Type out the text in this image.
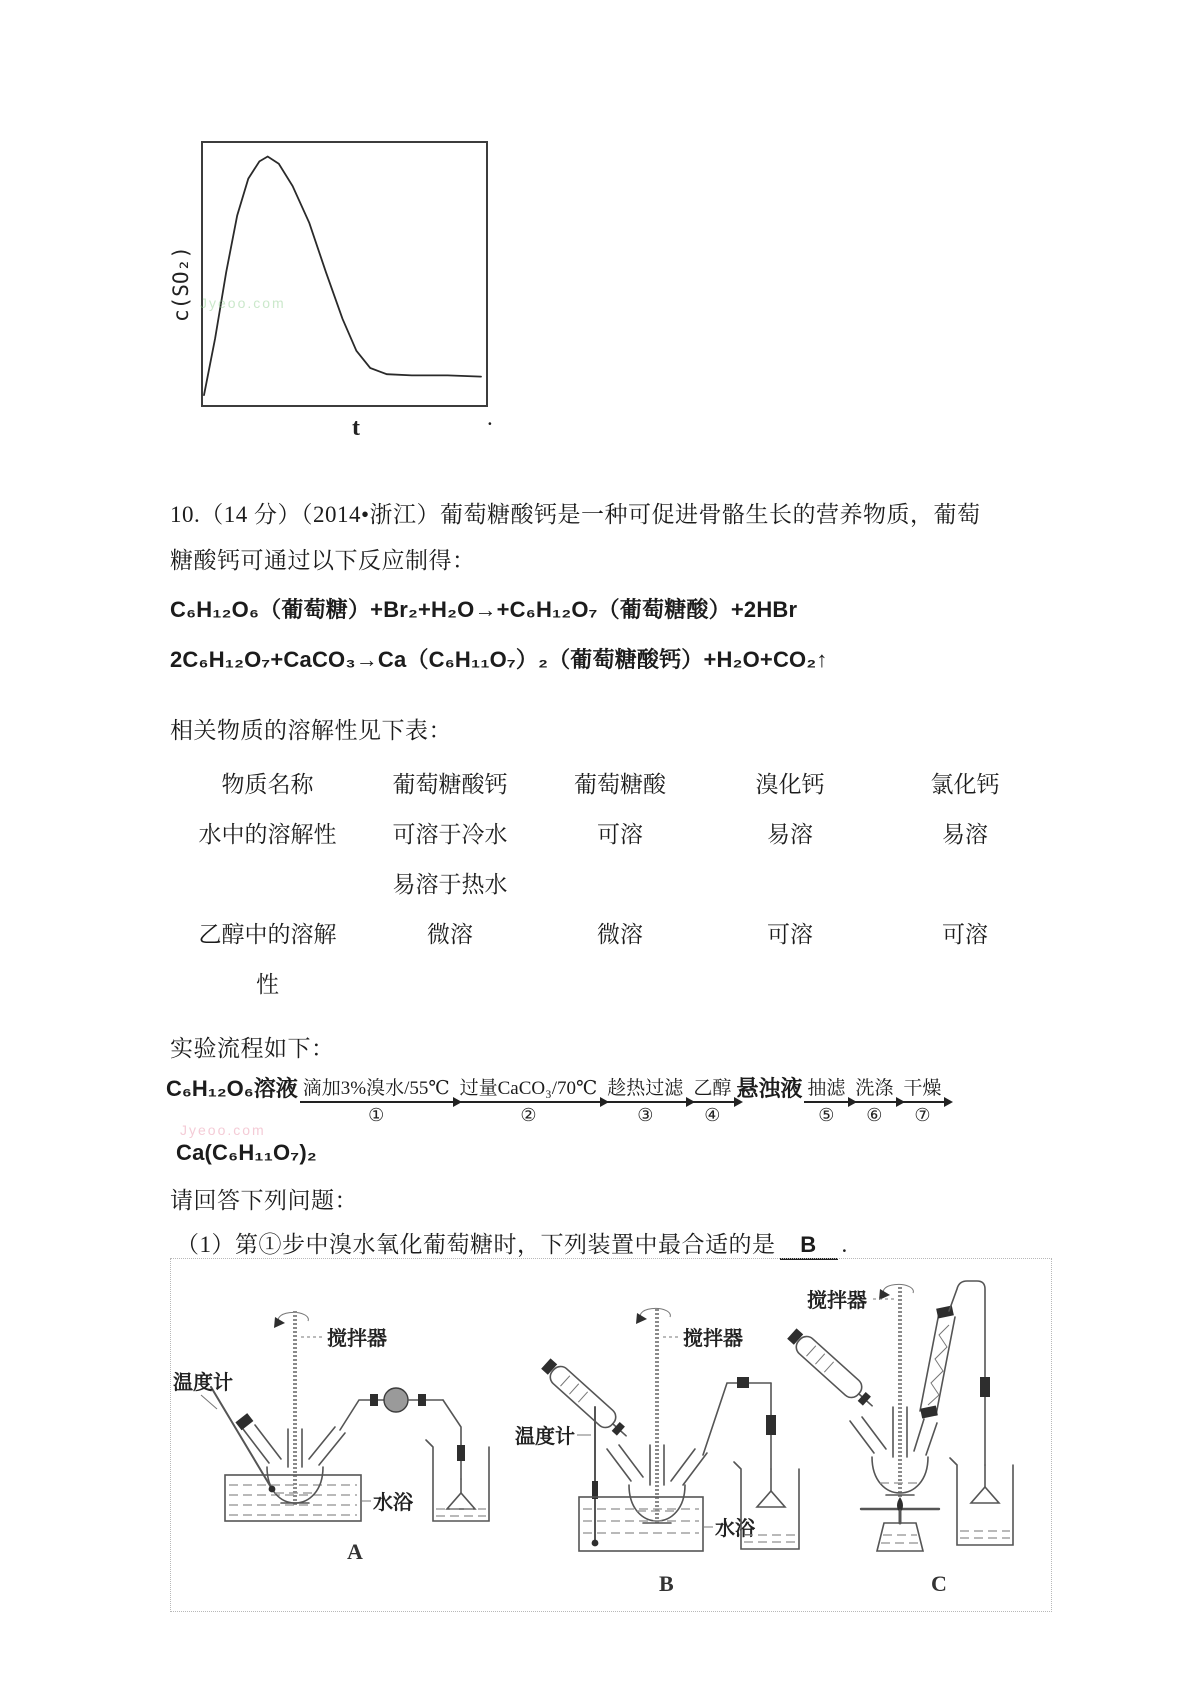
c(SO₂)
t	.
Jyeoo.com
10.（14 分）（2014•浙江）葡萄糖酸钙是一种可促进骨骼生长的营养物质，葡萄
糖酸钙可通过以下反应制得：
C₆H₁₂O₆（葡萄糖）+Br₂+H₂O→+C₆H₁₂O₇（葡萄糖酸）+2HBr
2C₆H₁₂O₇+CaCO₃→Ca（C₆H₁₁O₇）₂（葡萄糖酸钙）+H₂O+CO₂↑
相关物质的溶解性见下表：
物质名称	葡萄糖酸钙	葡萄糖酸	溴化钙	氯化钙
水中的溶解性	可溶于冷水	可溶	易溶	易溶
易溶于热水
乙醇中的溶解	微溶	微溶	可溶	可溶
性
实验流程如下：
C₆H₁₂O₆溶液 滴加3%溴水/55℃
①
过量CaCO₃/70℃
②
趁热过滤
③
乙醇
④
悬浊液 抽滤
⑤
洗涤
⑥
干燥
⑦
Jyeoo.com
Ca(C₆H₁₁O₇)₂
请回答下列问题：
（1）第①步中溴水氧化葡萄糖时，下列装置中最合适的是 B .
搅拌器
水浴
温度计
A
搅拌器
温度计
水浴
B
搅拌器
C
